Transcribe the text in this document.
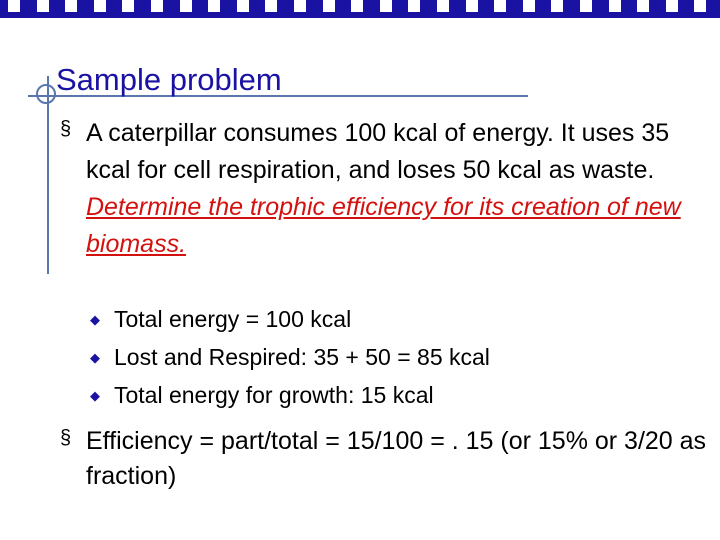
Sample problem
§ A caterpillar consumes 100 kcal of energy. It uses 35 kcal for cell respiration, and loses 50 kcal as waste. Determine the trophic efficiency for its creation of new biomass.
◆ Total energy = 100 kcal
◆ Lost and Respired: 35 + 50 = 85 kcal
◆ Total energy for growth: 15 kcal
§ Efficiency = part/total = 15/100 = . 15 (or 15% or 3/20 as fraction)
